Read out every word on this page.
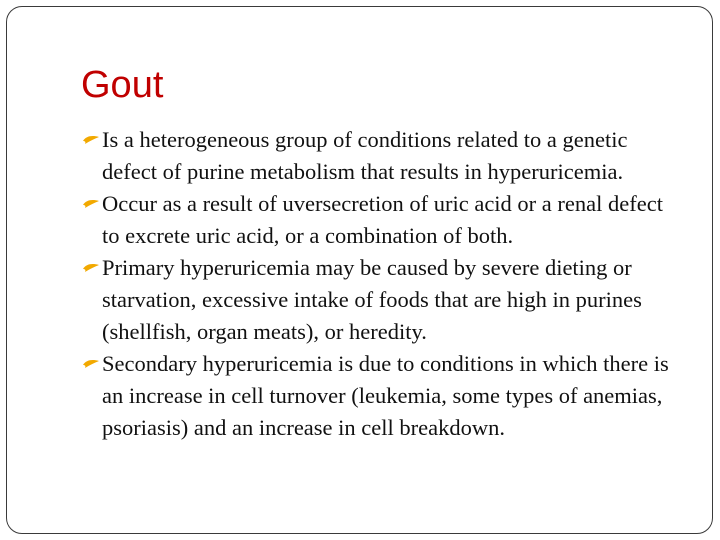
Gout
Is a heterogeneous group of conditions related to a genetic defect of purine metabolism that results in hyperuricemia.
Occur as a result of uversecretion of uric acid or a renal defect to excrete uric acid, or a combination of both.
Primary hyperuricemia may be caused by severe dieting or starvation, excessive intake of foods that are high in purines (shellfish, organ meats), or heredity.
Secondary hyperuricemia is due to conditions in which there is an increase in cell turnover (leukemia, some types of anemias, psoriasis) and an increase in cell breakdown.
